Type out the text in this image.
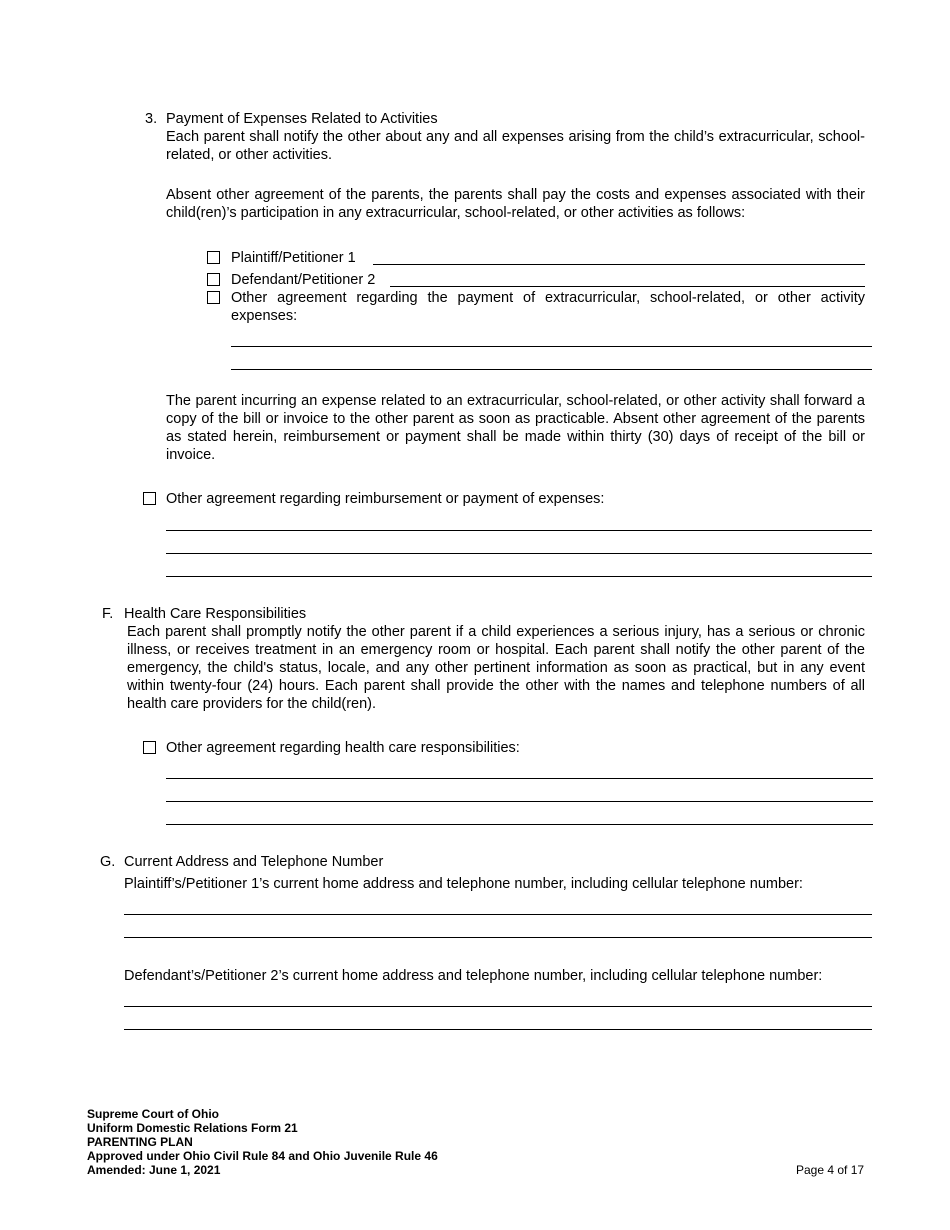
3. Payment of Expenses Related to Activities
Each parent shall notify the other about any and all expenses arising from the child’s extracurricular, school-related, or other activities.
Absent other agreement of the parents, the parents shall pay the costs and expenses associated with their child(ren)’s participation in any extracurricular, school-related, or other activities as follows:
Plaintiff/Petitioner 1
Defendant/Petitioner 2
Other agreement regarding the payment of extracurricular, school-related, or other activity expenses:
The parent incurring an expense related to an extracurricular, school-related, or other activity shall forward a copy of the bill or invoice to the other parent as soon as practicable. Absent other agreement of the parents as stated herein, reimbursement or payment shall be made within thirty (30) days of receipt of the bill or invoice.
Other agreement regarding reimbursement or payment of expenses:
F. Health Care Responsibilities
Each parent shall promptly notify the other parent if a child experiences a serious injury, has a serious or chronic illness, or receives treatment in an emergency room or hospital. Each parent shall notify the other parent of the emergency, the child's status, locale, and any other pertinent information as soon as practical, but in any event within twenty-four (24) hours. Each parent shall provide the other with the names and telephone numbers of all health care providers for the child(ren).
Other agreement regarding health care responsibilities:
G. Current Address and Telephone Number
Plaintiff’s/Petitioner 1’s current home address and telephone number, including cellular telephone number:
Defendant’s/Petitioner 2’s current home address and telephone number, including cellular telephone number:
Supreme Court of Ohio
Uniform Domestic Relations Form 21
PARENTING PLAN
Approved under Ohio Civil Rule 84 and Ohio Juvenile Rule 46
Amended: June 1, 2021	Page 4 of 17
